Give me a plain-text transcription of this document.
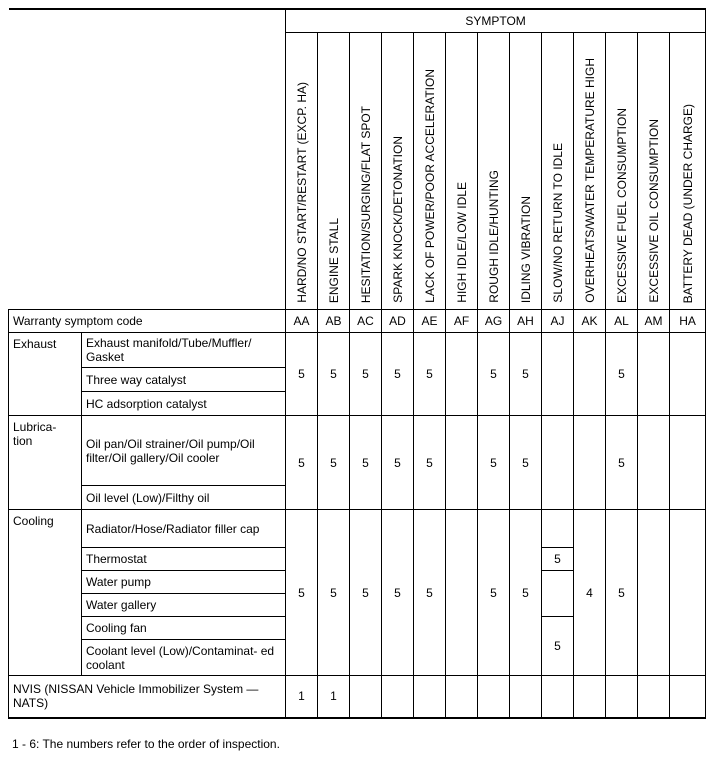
		SYMPTOM												

		HARD/NO START/RESTART (EXCP. HA)	ENGINE STALL	HESITATION/SURGING/FLAT SPOT	SPARK KNOCK/DETONATION	LACK OF POWER/POOR ACCELERATION	HIGH IDLE/LOW IDLE	ROUGH IDLE/HUNTING	IDLING VIBRATION	SLOW/NO RETURN TO IDLE	OVERHEATS/WATER TEMPERATURE HIGH	EXCESSIVE FUEL CONSUMPTION	EXCESSIVE OIL CONSUMPTION	BATTERY DEAD (UNDER CHARGE)

Warranty symptom code		AA	AB	AC	AD	AE	AF	AG	AH	AJ	AK	AL	AM	HA
Exhaust	Exhaust manifold/Tube/Muffler/ Gasket	5	5	5	5	5		5	5			5		
	Three way catalyst													
	HC adsorption catalyst													
Lubrica- tion	Oil pan/Oil strainer/Oil pump/Oil filter/Oil gallery/Oil cooler	5	5	5	5	5		5	5			5		
	Oil level (Low)/Filthy oil													
Cooling	Radiator/Hose/Radiator filler cap	5	5	5	5	5		5	5		4	5		
	Thermostat									5				
	Water pump													
	Water gallery													
	Cooling fan									5				
	Coolant level (Low)/Contaminat- ed coolant													
NVIS (NISSAN Vehicle Immobilizer System — NATS)		1	1											
1 - 6: The numbers refer to the order of inspection.
